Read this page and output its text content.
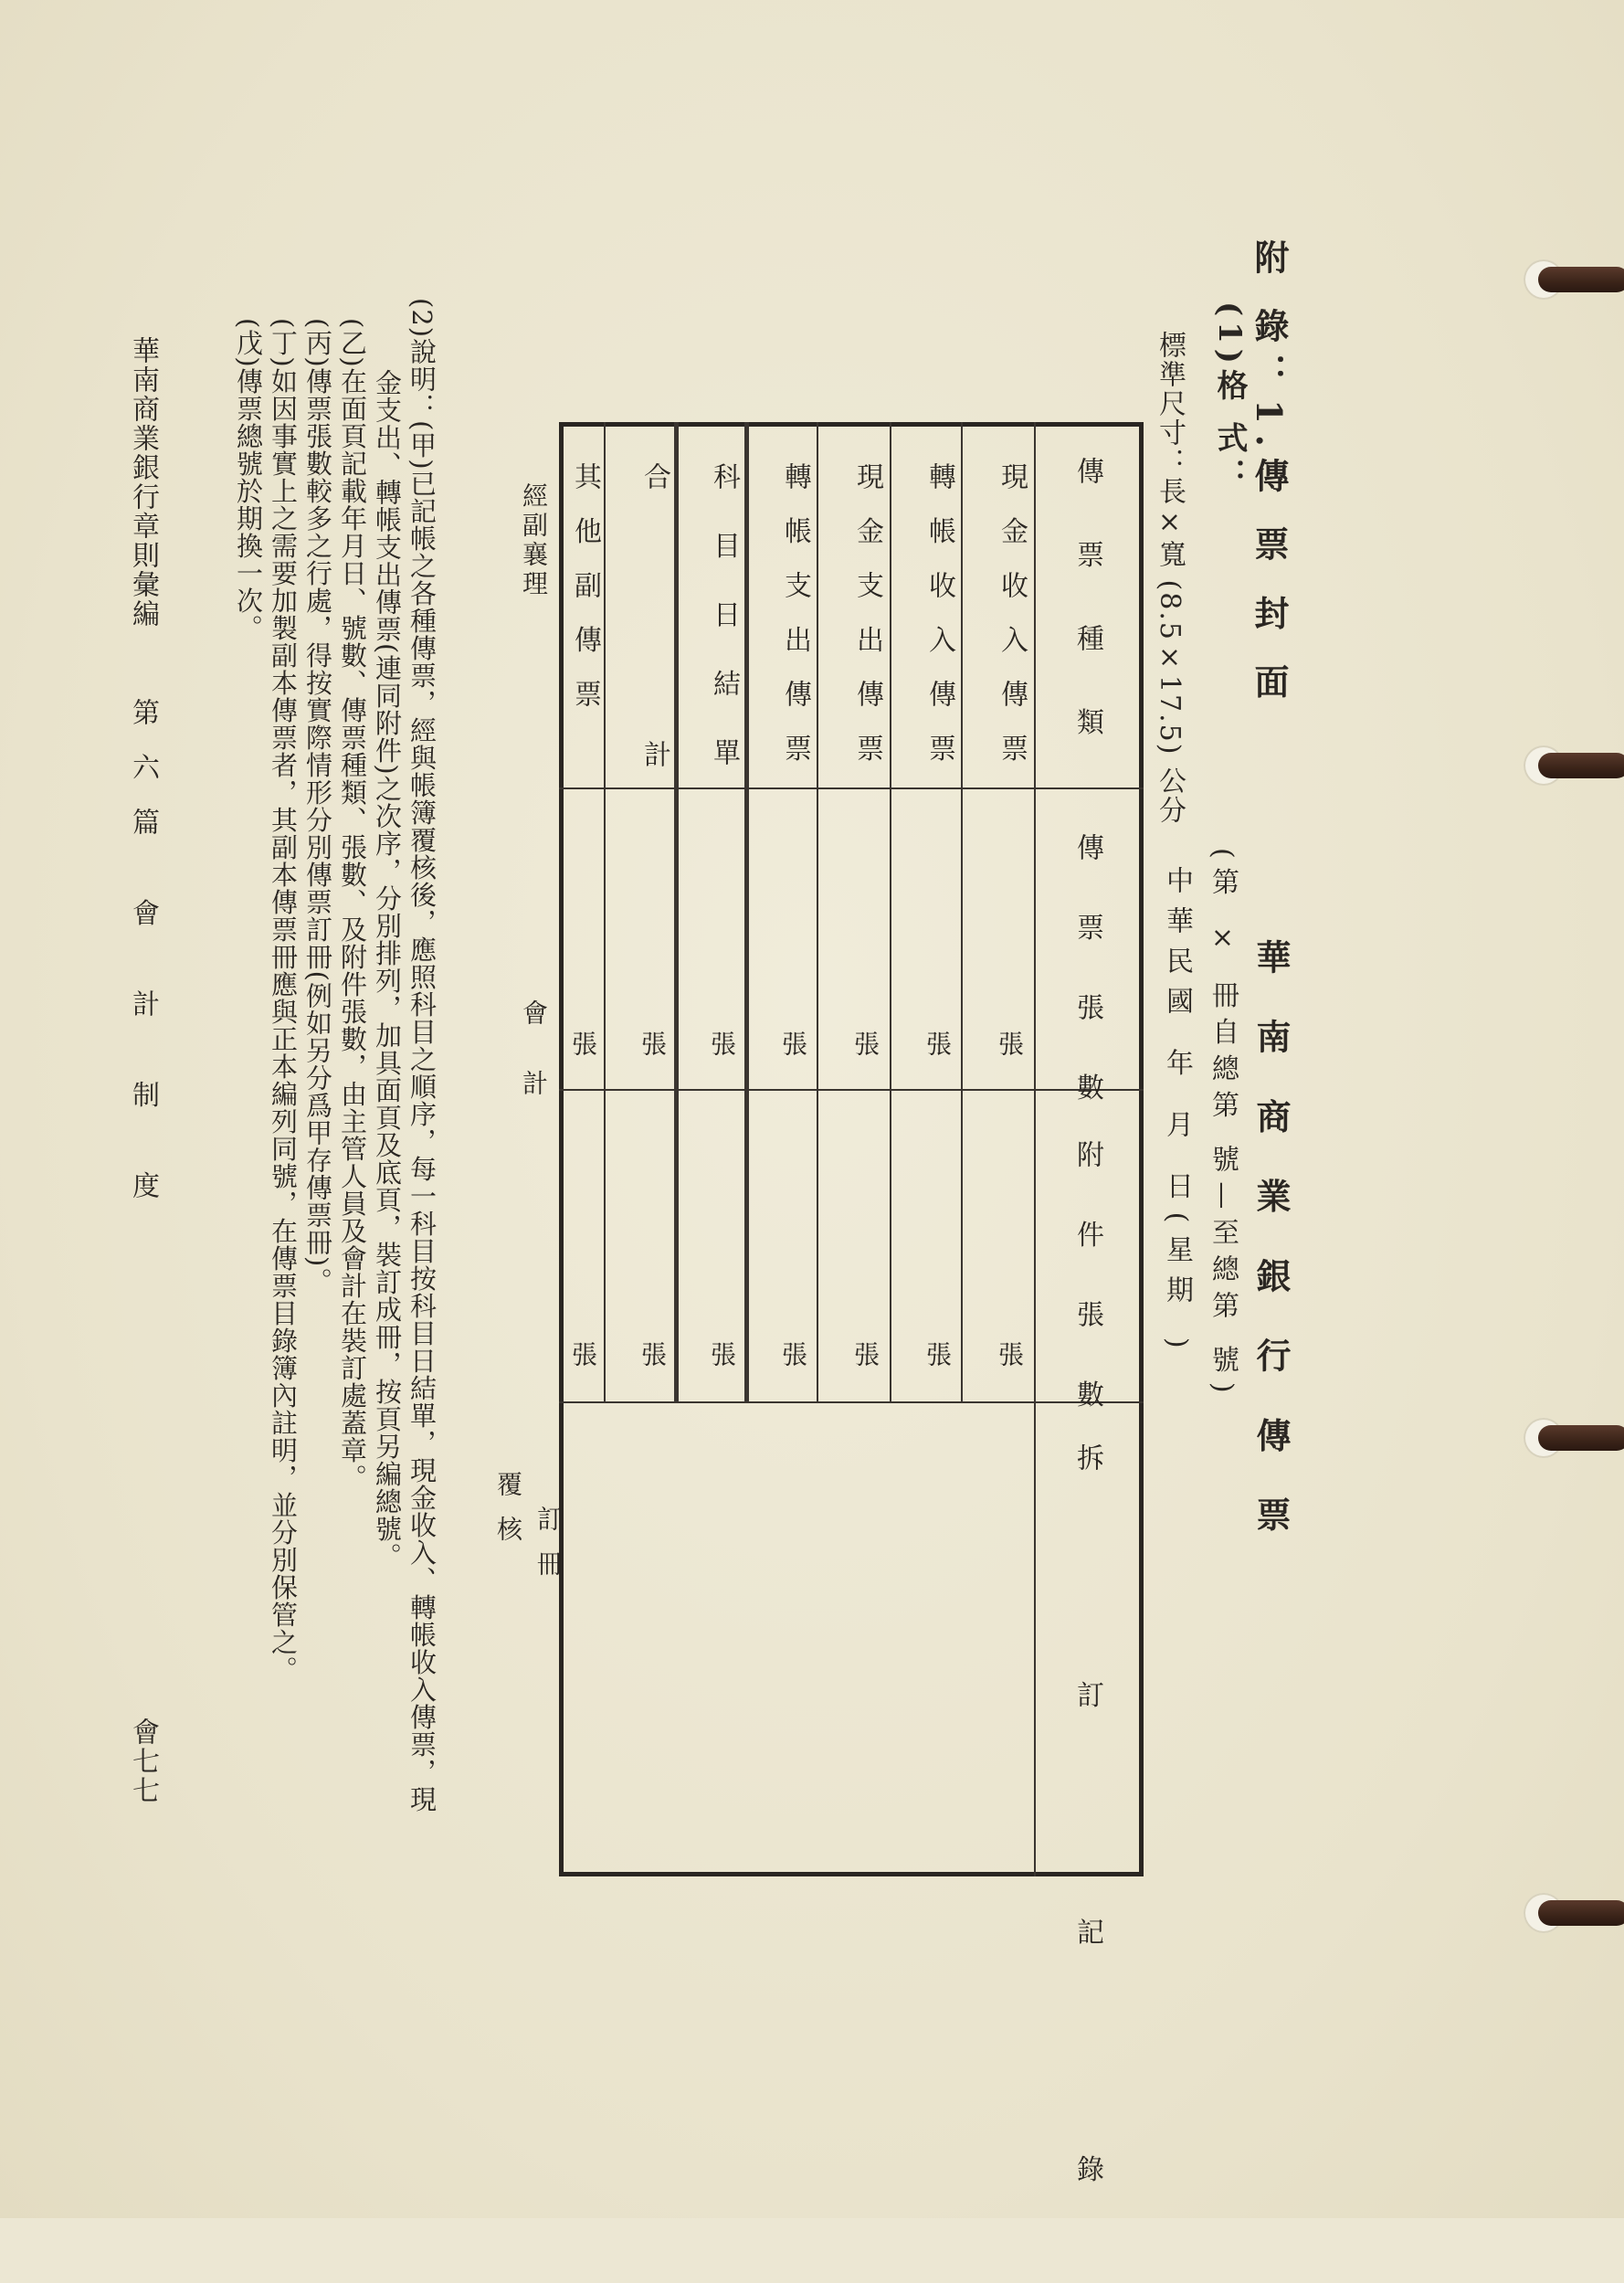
附 錄：1.傳 票 封 面
(1)格 式：
標準尺寸：長×寬 (8.5×17.5) 公分
華 南 商 業 銀 行 傳 票
(第 × 冊自總第 號—至總第 號)
中華民國 年 月 日(星期 )
傳 票 種 類
傳 票 張 數
附 件 張 數
拆 訂 記 錄
現 金 收 入 傳 票
轉 帳 收 入 傳 票
現 金 支 出 傳 票
轉 帳 支 出 傳 票
科 目 日 結 單
合
計
其 他 副 傳 票
張
張
張
張
張
張
張
張
張
張
張
張
張
張
經副襄理
會 計
訂 冊
覆 核
(2)說明：(甲)已記帳之各種傳票，經與帳簿覆核後，應照科目之順序，每一科目按科目日結單，現金收入、轉帳收入傳票，現
金支出、轉帳支出傳票(連同附件)之次序，分別排列，加具面頁及底頁，裝訂成冊，按頁另編總號。
(乙)在面頁記載年月日、號數、傳票種類、張數、及附件張數，由主管人員及會計在裝訂處蓋章。
(丙)傳票張數較多之行處，得按實際情形分別傳票訂冊(例如另分爲甲存傳票冊)。
(丁)如因事實上之需要加製副本傳票者，其副本傳票冊應與正本編列同號，在傳票目錄簿內註明，並分別保管之。
(戊)傳票總號於期換一次。
華南商業銀行章則彙編
第六篇 會 計 制 度
會七七
